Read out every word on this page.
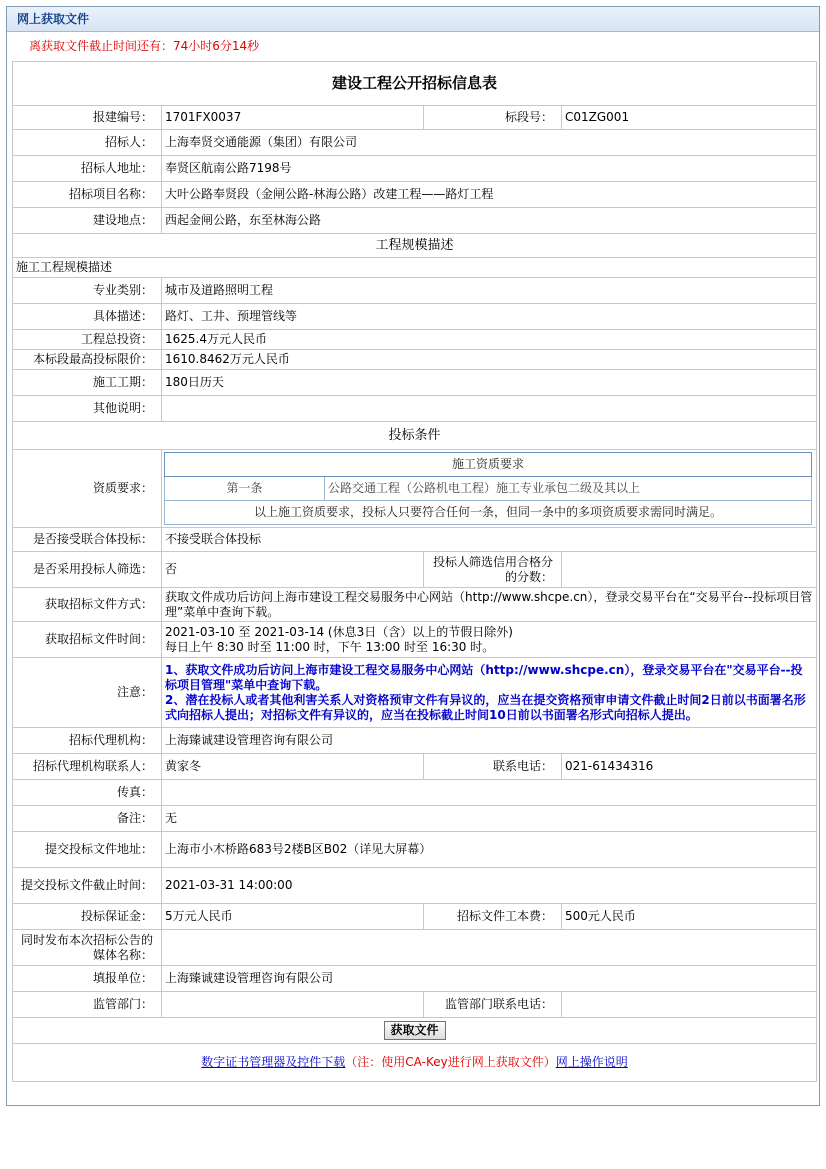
网上获取文件
离获取文件截止时间还有：74小时6分14秒
建设工程公开招标信息表
报建编号：	1701FX0037	标段号：	C01ZG001
招标人：	上海奉贤交通能源（集团）有限公司
招标人地址：	奉贤区航南公路7198号
招标项目名称：	大叶公路奉贤段（金闸公路-林海公路）改建工程——路灯工程
建设地点：	西起金闸公路，东至林海公路
工程规模描述
施工工程规模描述
专业类别：	城市及道路照明工程
具体描述：	路灯、工井、预埋管线等
工程总投资：	1625.4万元人民币
本标段最高投标限价：	1610.8462万元人民币
施工工期：	180日历天
其他说明：	
投标条件
资质要求：	
施工资质要求
第一条	公路交通工程（公路机电工程）施工专业承包二级及其以上
以上施工资质要求，投标人只要符合任何一条，但同一条中的多项资质要求需同时满足。

是否接受联合体投标：	不接受联合体投标
是否采用投标人筛选：	否	投标人筛选信用合格分的分数：	
获取招标文件方式：	获取文件成功后访问上海市建设工程交易服务中心网站（http://www.shcpe.cn），登录交易平台在“交易平台--投标项目管理”菜单中查询下载。
获取招标文件时间：	
2021-03-10 至 2021-03-14 (休息3日（含）以上的节假日除外)
每日上午 8:30 时至 11:00 时，下午 13:00 时至 16:30 时。

注意：	
1、获取文件成功后访问上海市建设工程交易服务中心网站（http://www.shcpe.cn），登录交易平台在"交易平台--投标项目管理"菜单中查询下载。
2、潜在投标人或者其他利害关系人对资格预审文件有异议的，应当在提交资格预审申请文件截止时间2日前以书面署名形式向招标人提出；对招标文件有异议的，应当在投标截止时间10日前以书面署名形式向招标人提出。

招标代理机构：	上海臻诚建设管理咨询有限公司
招标代理机构联系人：	黄家冬	联系电话：	021-61434316
传真：	
备注：	无
提交投标文件地址：	上海市小木桥路683号2楼B区B02（详见大屏幕）
提交投标文件截止时间：	2021-03-31 14:00:00
投标保证金：	5万元人民币	招标文件工本费：	500元人民币
同时发布本次招标公告的媒体名称：	
填报单位：	上海臻诚建设管理咨询有限公司
监管部门：		监管部门联系电话：	
获取文件
数字证书管理器及控件下载（注：使用CA-Key进行网上获取文件）网上操作说明
